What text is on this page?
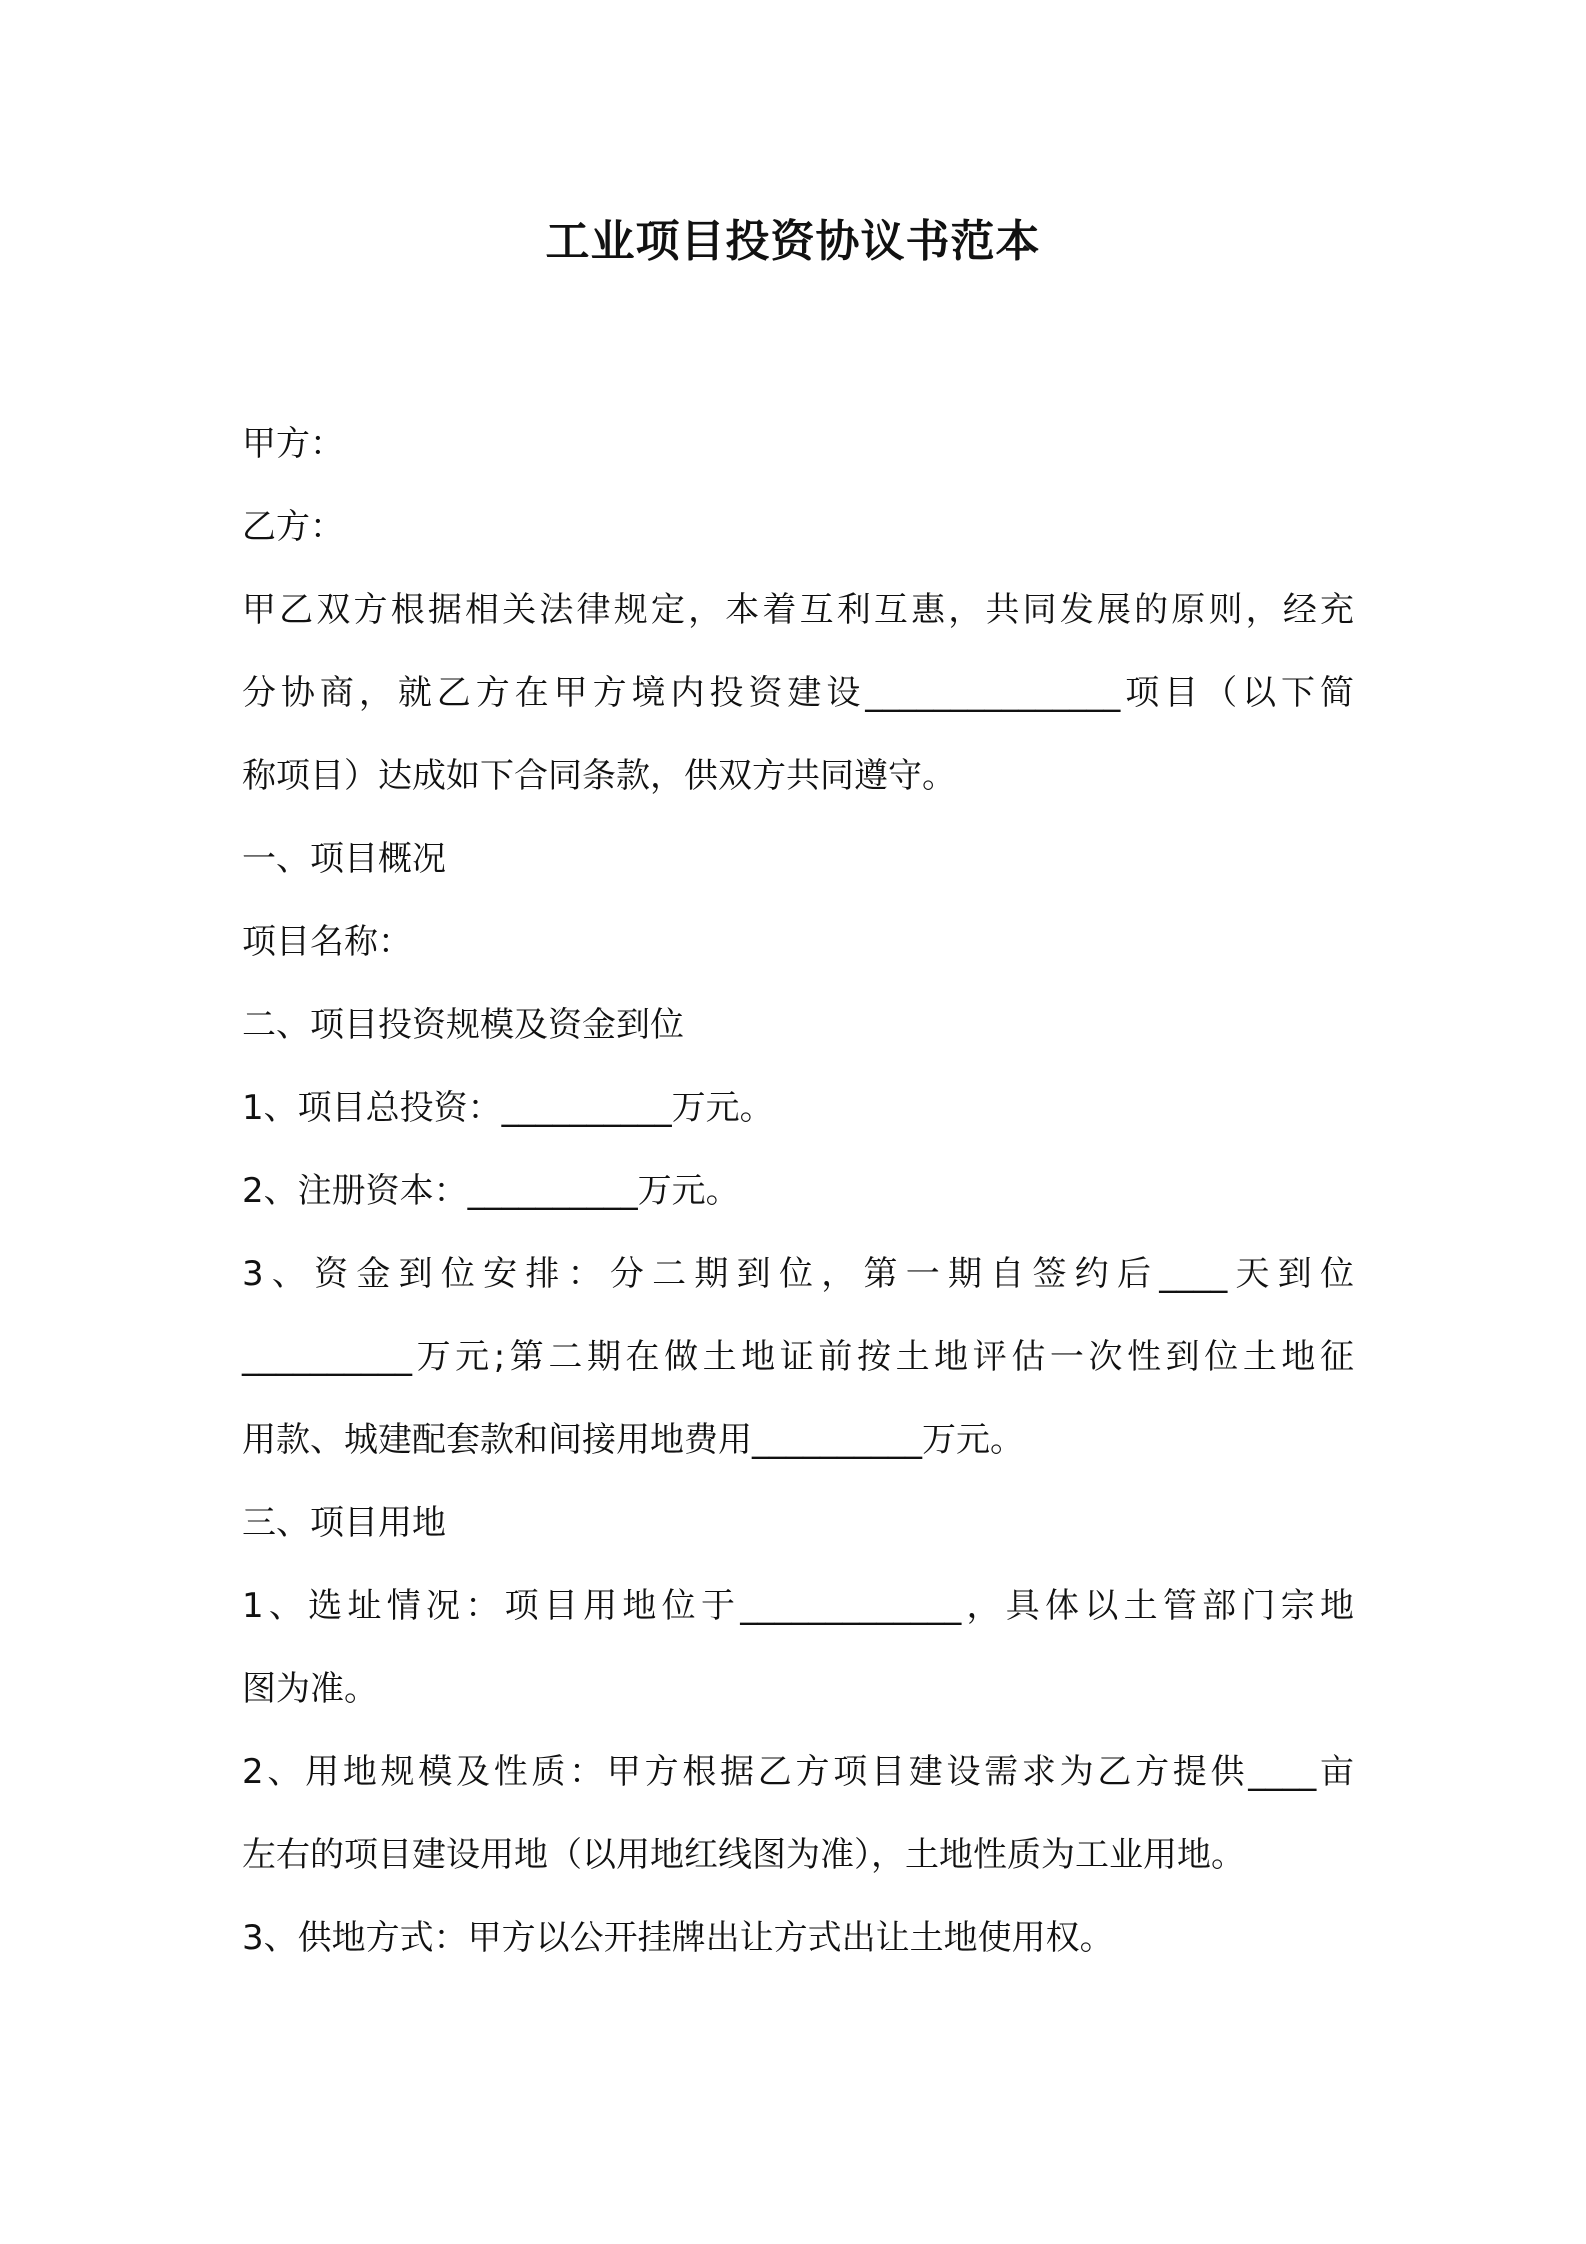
工业项目投资协议书范本
甲方：
乙方：
甲乙双方根据相关法律规定，本着互利互惠，共同发展的原则，经充
分协商，就乙方在甲方境内投资建设_______________项目（以下简
称项目）达成如下合同条款，供双方共同遵守。
一、项目概况
项目名称：
二、项目投资规模及资金到位
1、项目总投资：__________万元。
2、注册资本：__________万元。
3、资金到位安排：分二期到位，第一期自签约后____天到位
__________万元;第二期在做土地证前按土地评估一次性到位土地征
用款、城建配套款和间接用地费用__________万元。
三、项目用地
1、选址情况：项目用地位于_____________，具体以土管部门宗地
图为准。
2、用地规模及性质：甲方根据乙方项目建设需求为乙方提供____亩
左右的项目建设用地（以用地红线图为准），土地性质为工业用地。
3、供地方式：甲方以公开挂牌出让方式出让土地使用权。
